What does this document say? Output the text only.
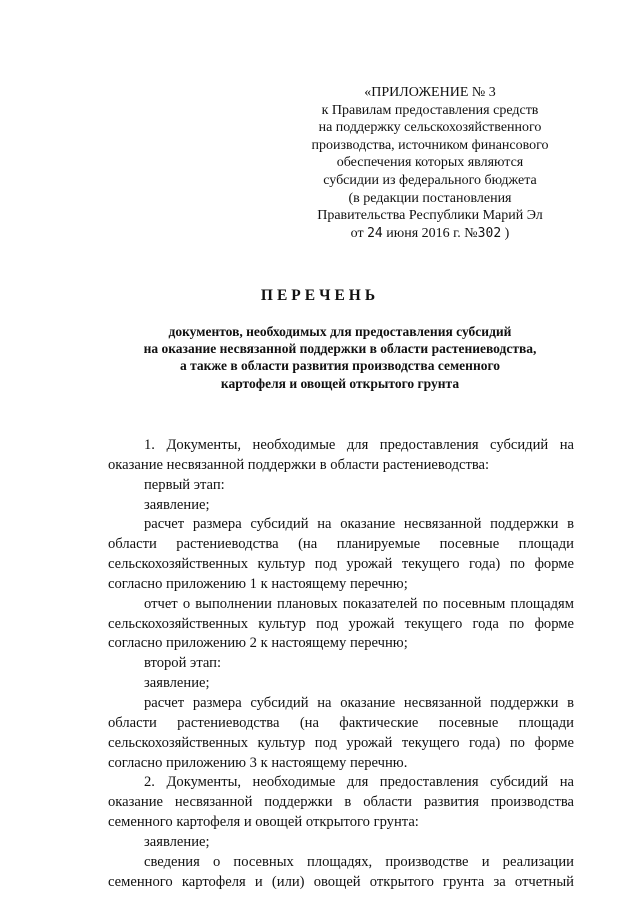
«ПРИЛОЖЕНИЕ № 3
к Правилам предоставления средств
на поддержку сельскохозяйственного
производства, источником финансового
обеспечения которых являются
субсидии из федерального бюджета
(в редакции постановления
Правительства Республики Марий Эл
от 24 июня 2016 г. №302 )
ПЕРЕЧЕНЬ
документов, необходимых для предоставления субсидий
на оказание несвязанной поддержки в области растениеводства,
а также в области развития производства семенного
картофеля и овощей открытого грунта

1. Документы, необходимые для предоставления субсидий на оказание несвязанной поддержки в области растениеводства:

первый этап:

заявление;

расчет размера субсидий на оказание несвязанной поддержки в области растениеводства (на планируемые посевные площади сельскохозяйственных культур под урожай текущего года) по форме согласно приложению 1 к настоящему перечню;

отчет о выполнении плановых показателей по посевным площадям сельскохозяйственных культур под урожай текущего года по форме согласно приложению 2 к настоящему перечню;

второй этап:

заявление;

расчет размера субсидий на оказание несвязанной поддержки в области растениеводства (на фактические посевные площади сельскохозяйственных культур под урожай текущего года) по форме согласно приложению 3 к настоящему перечню.

2. Документы, необходимые для предоставления субсидий на оказание несвязанной поддержки в области развития производства семенного картофеля и овощей открытого грунта:

заявление;

сведения о посевных площадях, производстве и реализации семенного картофеля и (или) овощей открытого грунта за отчетный
